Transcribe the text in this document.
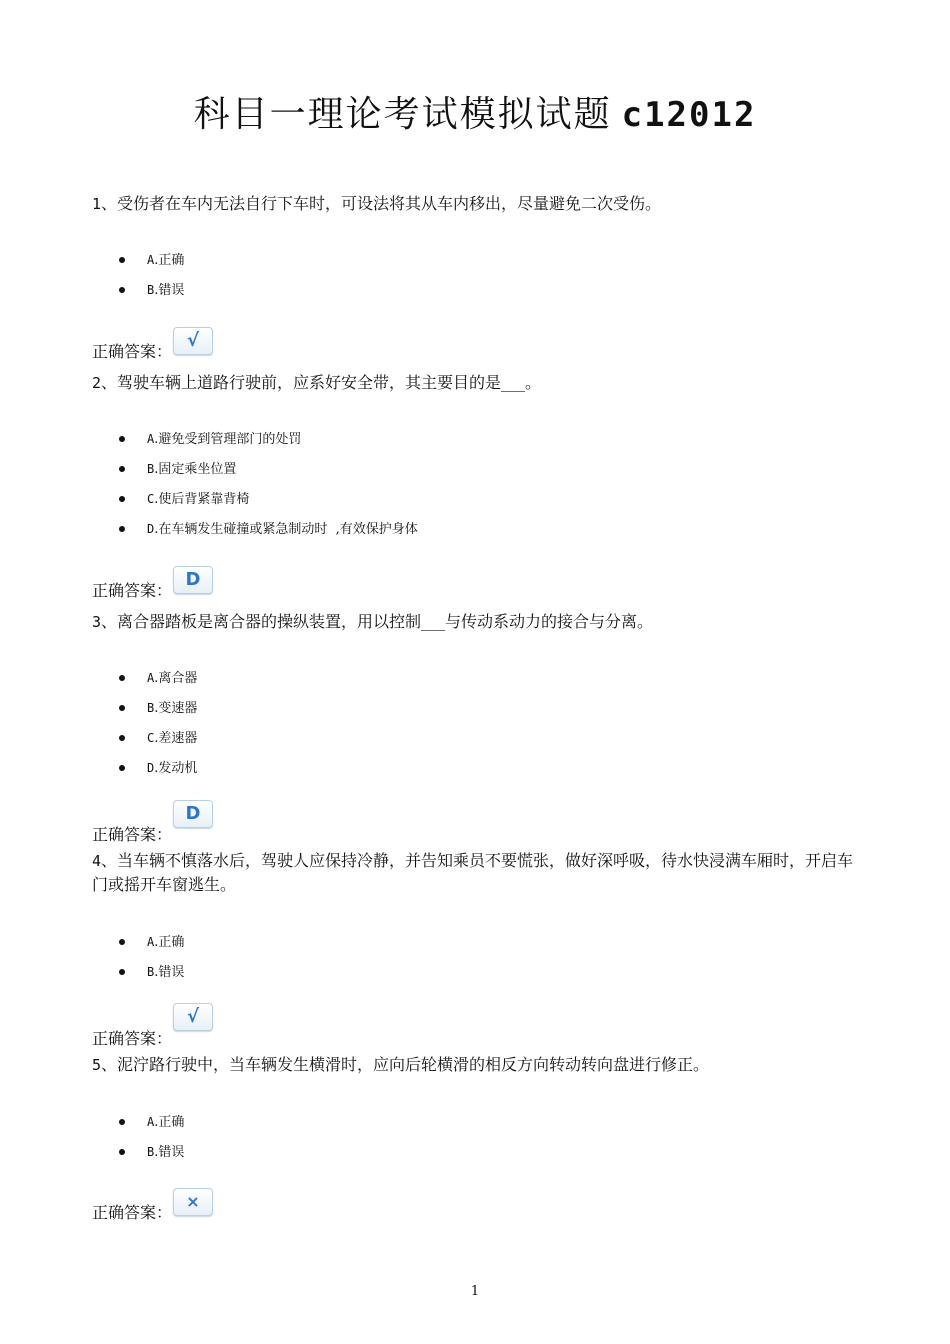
科目一理论考试模拟试题 c12012
1、受伤者在车内无法自行下车时，可设法将其从车内移出，尽量避免二次受伤。
A.正确
B.错误
正确答案：
√
2、驾驶车辆上道路行驶前，应系好安全带，其主要目的是___。
A.避免受到管理部门的处罚
B.固定乘坐位置
C.使后背紧靠背椅
D.在车辆发生碰撞或紧急制动时  ,有效保护身体
正确答案：
D
3、离合器踏板是离合器的操纵装置，用以控制___与传动系动力的接合与分离。
A.离合器
B.变速器
C.差速器
D.发动机
正确答案：
D
4、当车辆不慎落水后，驾驶人应保持冷静，并告知乘员不要慌张，做好深呼吸，待水快浸满车厢时，开启车门或摇开车窗逃生。
A.正确
B.错误
正确答案：
√
5、泥泞路行驶中，当车辆发生横滑时，应向后轮横滑的相反方向转动转向盘进行修正。
A.正确
B.错误
正确答案：
×
1
